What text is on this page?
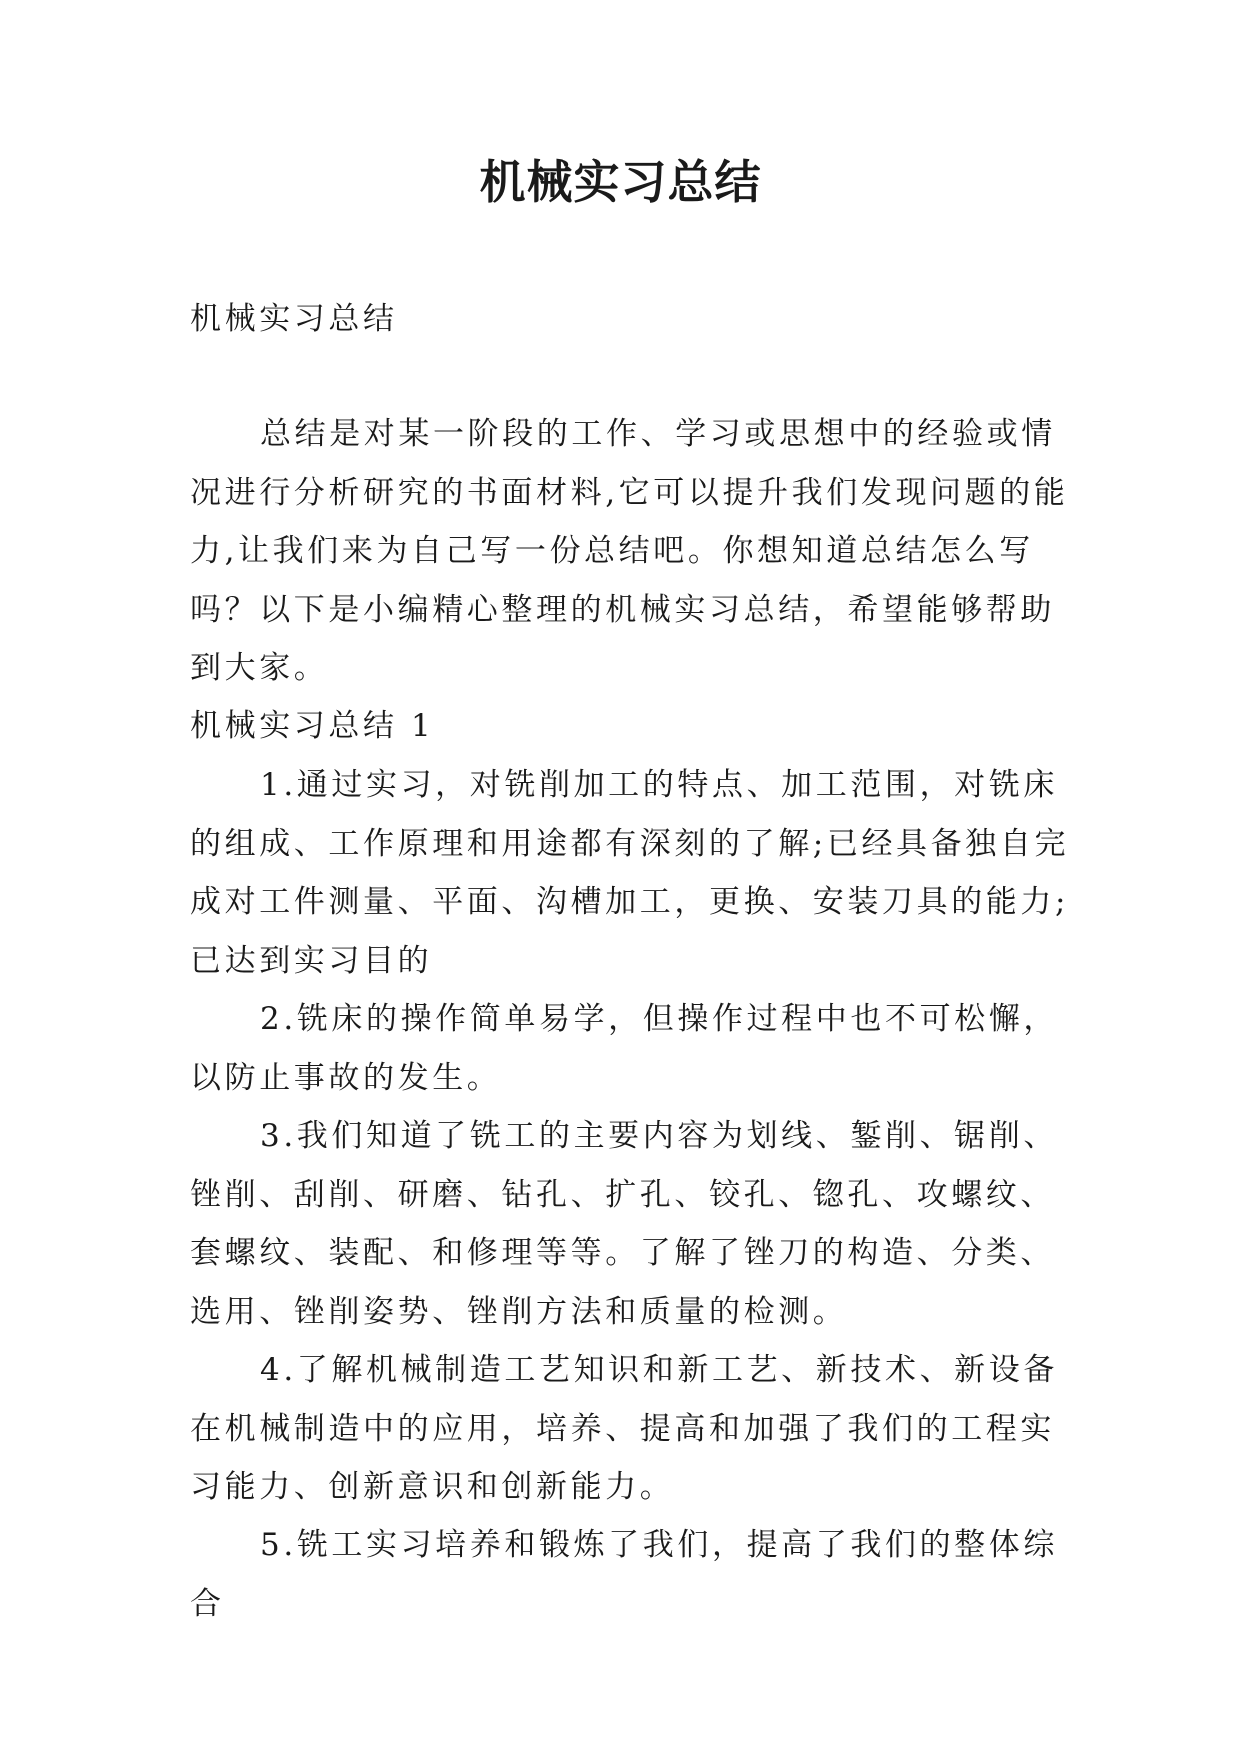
机械实习总结

机械实习总结

总结是对某一阶段的工作、学习或思想中的经验或情况进行分析研究的书面材料,它可以提升我们发现问题的能力,让我们来为自己写一份总结吧。你想知道总结怎么写吗？以下是小编精心整理的机械实习总结，希望能够帮助到大家。

机械实习总结 1

1.通过实习，对铣削加工的特点、加工范围，对铣床的组成、工作原理和用途都有深刻的了解;已经具备独自完成对工件测量、平面、沟槽加工，更换、安装刀具的能力;已达到实习目的

2.铣床的操作简单易学，但操作过程中也不可松懈，以防止事故的发生。

3.我们知道了铣工的主要内容为划线、錾削、锯削、锉削、刮削、研磨、钻孔、扩孔、铰孔、锪孔、攻螺纹、套螺纹、装配、和修理等等。了解了锉刀的构造、分类、选用、锉削姿势、锉削方法和质量的检测。

4.了解机械制造工艺知识和新工艺、新技术、新设备在机械制造中的应用，培养、提高和加强了我们的工程实习能力、创新意识和创新能力。

5.铣工实习培养和锻炼了我们，提高了我们的整体综合
